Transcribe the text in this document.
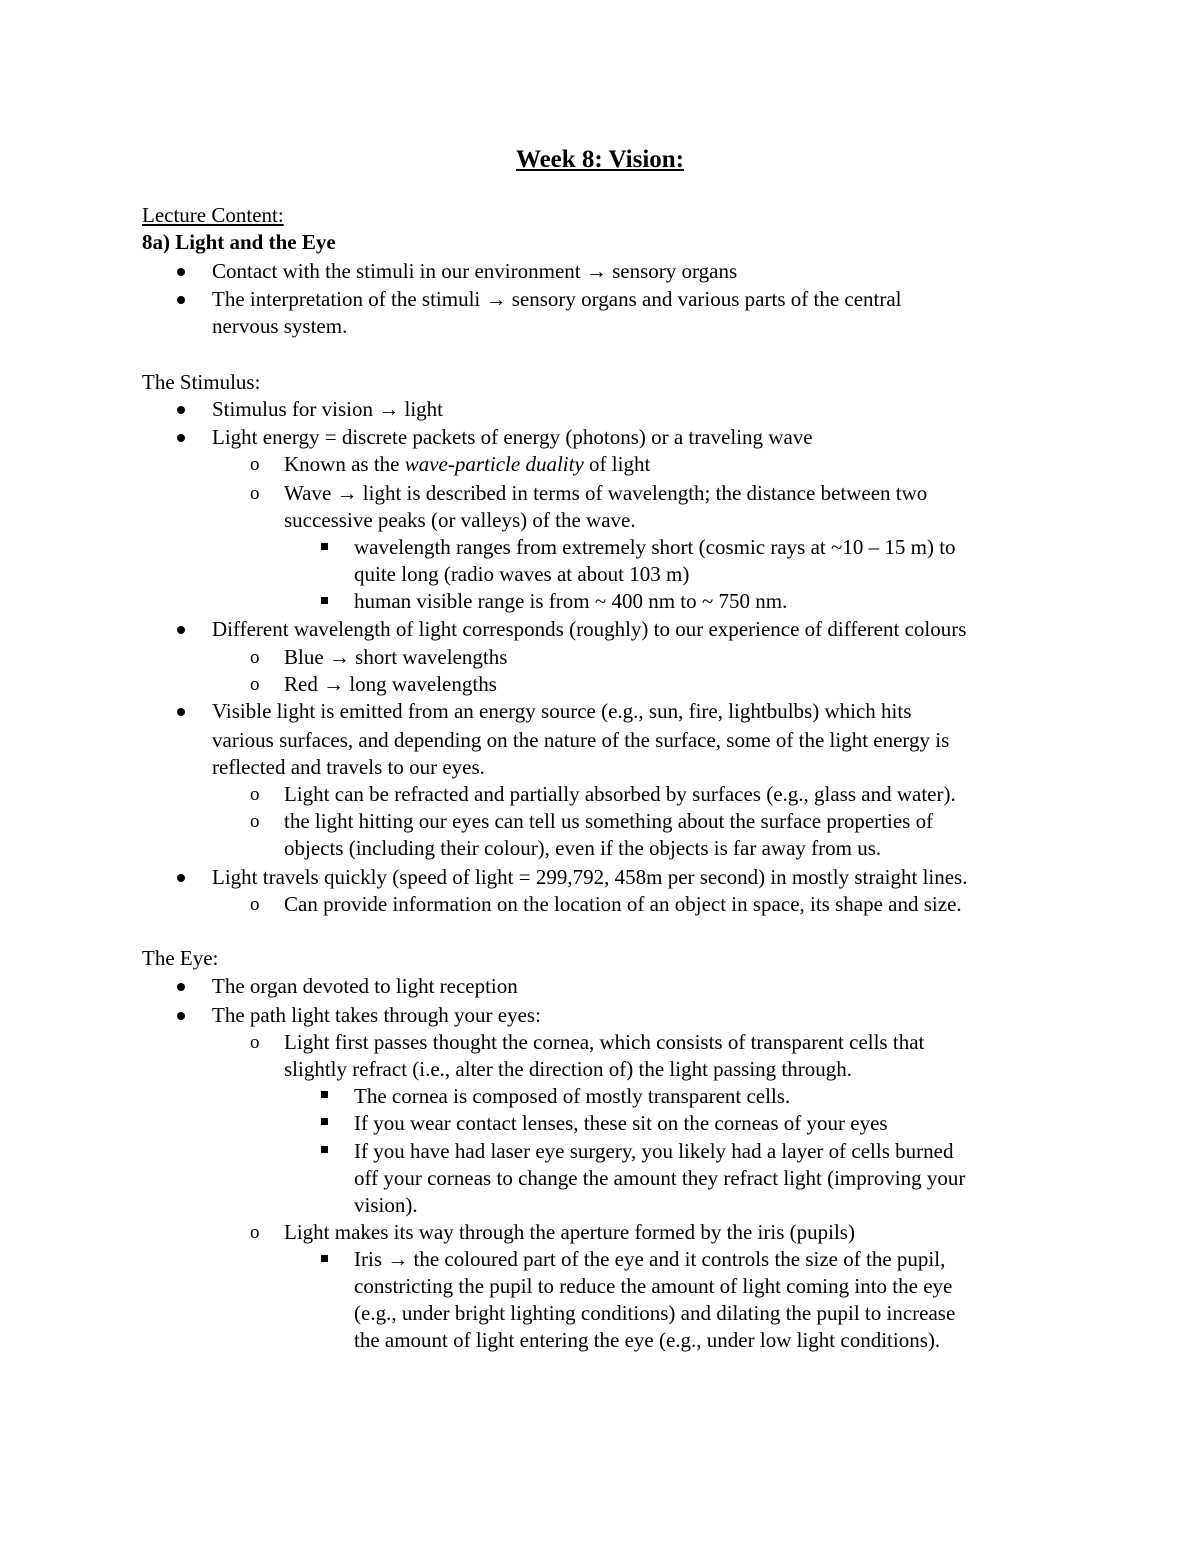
Week 8: Vision:
Lecture Content:
8a) Light and the Eye
Contact with the stimuli in our environment → sensory organs
The interpretation of the stimuli → sensory organs and various parts of the central
nervous system.
The Stimulus:
Stimulus for vision → light
Light energy = discrete packets of energy (photons) or a traveling wave
o Known as the wave-particle duality of light
o Wave → light is described in terms of wavelength; the distance between two
successive peaks (or valleys) of the wave.
wavelength ranges from extremely short (cosmic rays at ~10 – 15 m) to
quite long (radio waves at about 103 m)
human visible range is from ~ 400 nm to ~ 750 nm.
Different wavelength of light corresponds (roughly) to our experience of different colours
o Blue → short wavelengths
o Red → long wavelengths
Visible light is emitted from an energy source (e.g., sun, fire, lightbulbs) which hits
various surfaces, and depending on the nature of the surface, some of the light energy is
reflected and travels to our eyes.
o Light can be refracted and partially absorbed by surfaces (e.g., glass and water).
o the light hitting our eyes can tell us something about the surface properties of
objects (including their colour), even if the objects is far away from us.
Light travels quickly (speed of light = 299,792, 458m per second) in mostly straight lines.
o Can provide information on the location of an object in space, its shape and size.
The Eye:
The organ devoted to light reception
The path light takes through your eyes:
o Light first passes thought the cornea, which consists of transparent cells that
slightly refract (i.e., alter the direction of) the light passing through.
The cornea is composed of mostly transparent cells.
If you wear contact lenses, these sit on the corneas of your eyes
If you have had laser eye surgery, you likely had a layer of cells burned
off your corneas to change the amount they refract light (improving your
vision).
o Light makes its way through the aperture formed by the iris (pupils)
Iris → the coloured part of the eye and it controls the size of the pupil,
constricting the pupil to reduce the amount of light coming into the eye
(e.g., under bright lighting conditions) and dilating the pupil to increase
the amount of light entering the eye (e.g., under low light conditions).
